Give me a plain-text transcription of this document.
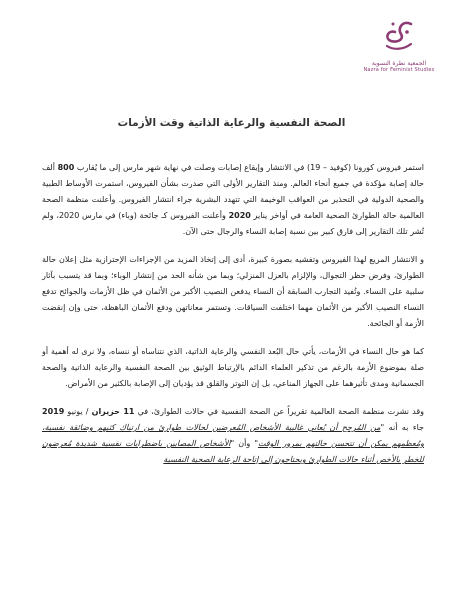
الجمعية نظرة النسوية
Nazra for Feminist Studies
الصحة النفسية والرعاية الذاتية وقت الأزمات

استمر فيروس كورونا (كوفيد – 19) في الانتشار وإيقاع إصابات وصلت في نهاية شهر مارس إلى ما يُقارب 800 ألف حالة إصابة مؤكدة في جميع أنحاء العالم. ومنذ التقارير الأولى التي صدرت بشأن الفيروس، استمرت الأوساط الطبية والصحية الدولية في التحذير من العواقب الوخيمة التي تتهدد البشرية جراء انتشار الفيروس. وأعلنت منظمة الصحة العالمية حالة الطوارئ الصحية العامة في أواخر يناير 2020 وأعلنت الفيروس كـ جائحة (وباء) في مارس 2020، ولم تُشر تلك التقارير إلى فارق كبير بين نسبة إصابة النساء والرجال حتى الآن.

و الانتشار المريع لهذا الفيروس وتفشيه بصورة كبيرة، أدى إلى إتخاذ المزيد من الإجراءات الإحترازية مثل إعلان حالة الطوارئ، وفرض حظر التجوال، والإلزام بالعزل المنزلي؛ وبما من شأنه الحد من إنتشار الوباء؛ وبما قد يتسبب بآثار سلبية على النساء. وتُفيد التجارب السابقة أن النساء يدفعن النصيب الأكبر من الأثمان في ظل الأزمات والجوائح تدفع النساء النصيب الأكبر من الأثمان مهما اختلفت السياقات. وتستمر معاناتهن ودفع الأثمان الباهظة، حتى وإن إنقضت الأزمة أو الجائحة.

كما هو حال النساء في الأزمات، يأتي حال البُعد النفسي والرعاية الذاتية، الذي نتناساه أو ننساه، ولا نرى له أهمية أو صلة بموضوع الأزمة بالرغم من تذكير العلماء الدائم بالإرتباط الوثيق بين الصحة النفسية والرعاية الذاتية والصحة الجسمانية ومدى تأثيرهما على الجهاز المناعي، بل إن التوتر والقلق قد يؤديان إلى الإصابة بالكثير من الأمراض.

وقد نشرت منظمة الصحة العالمية تقريراً عن الصحة النفسية في حالات الطوارئ، في 11 حزيران / يونيو 2019 جاء به أنه "من المُرجح أن يُعاني غالبية الأشخاص المُعرضين لحالات طوارئ من ارتباك كثيهم وضائقة نفسية، ومُعظمهم يمكن أن تتحسن حالتهم بمرور الوقت" وأن "الأشخاص المصابين باضطرابات نفسية شديدة مُعرضون للخطر بالأخص أثناء حالات الطوارئ ويحتاجون إلى إتاحة الرعاية الصحية النفسية
